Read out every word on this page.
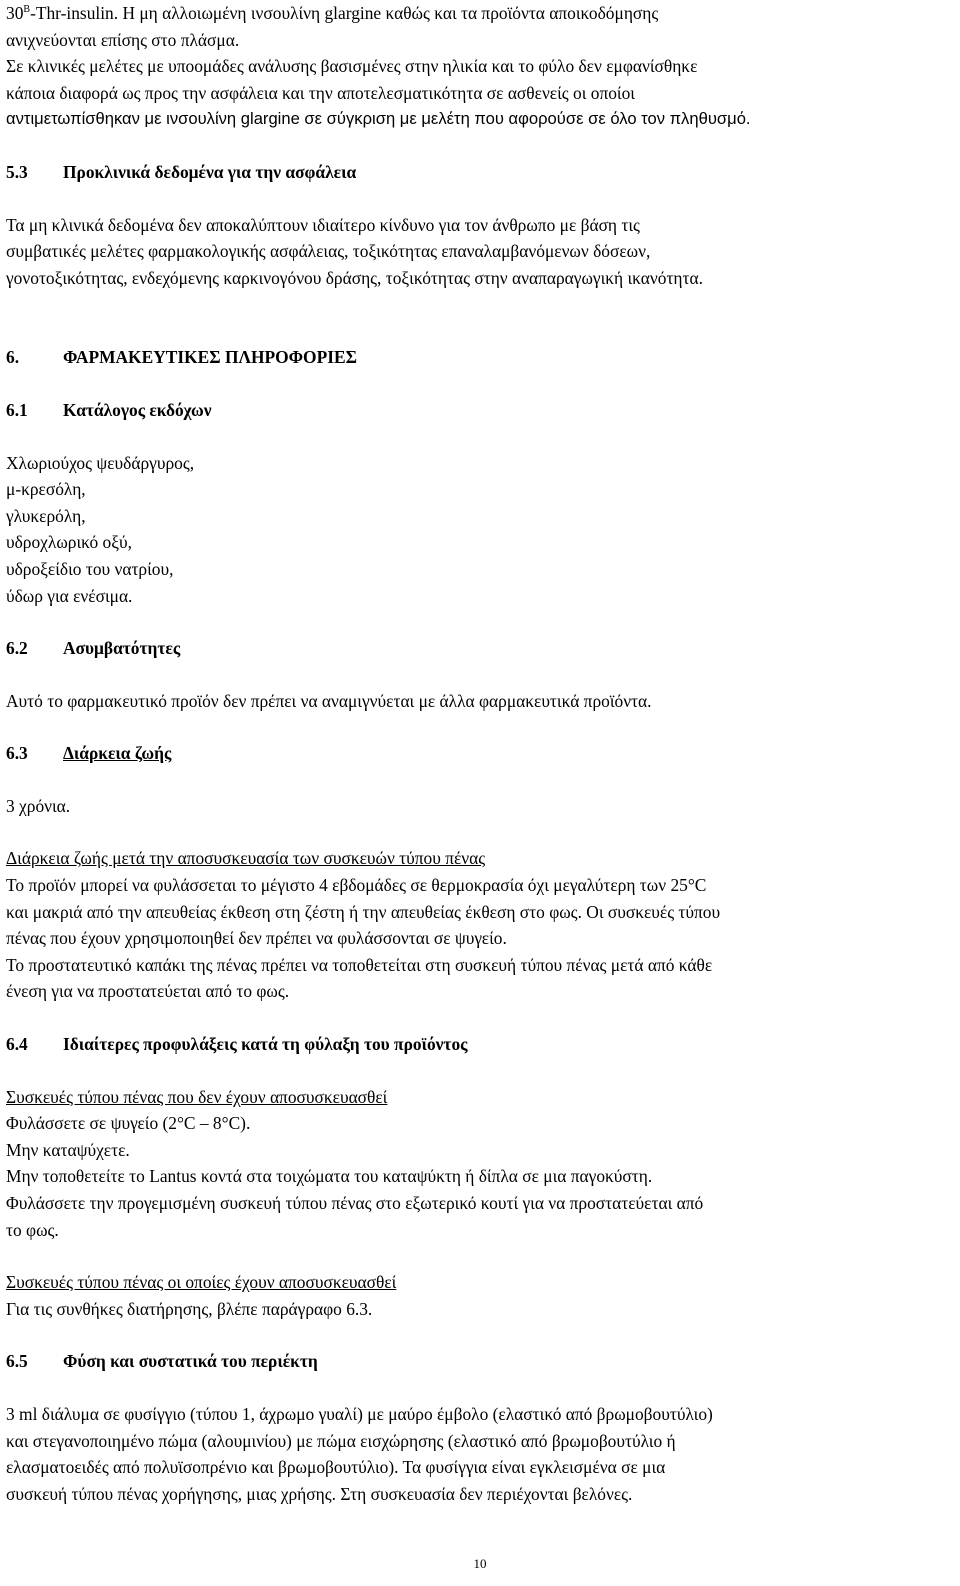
$30^B-Thr$-insulin. Η μη αλλοιωμένη ινσουλίνη glargine καθώς και τα προϊόντα αποικοδόμησης
ανιχνεύονται επίσης στο πλάσμα.
Σε κλινικές μελέτες με υποομάδες ανάλυσης βασισμένες στην ηλικία και το φύλο δεν εμφανίσθηκε
κάποια διαφορά ως προς την ασφάλεια και την αποτελεσματικότητα σε ασθενείς οι οποίοι
αντιμετωπίσθηκαν με ινσουλίνη glargine σε σύγκριση με μελέτη που αφορούσε σε όλο τον πληθυσμό.
5.3 Προκλινικά δεδομένα για την ασφάλεια
Τα μη κλινικά δεδομένα δεν αποκαλύπτουν ιδιαίτερο κίνδυνο για τον άνθρωπο με βάση τις
συμβατικές μελέτες φαρμακολογικής ασφάλειας, τοξικότητας επαναλαμβανόμενων δόσεων,
γονοτοξικότητας, ενδεχόμενης καρκινογόνου δράσης, τοξικότητας στην αναπαραγωγική ικανότητα.
6.	ΦΑΡΜΑΚΕΥΤΙΚΕΣ ΠΛΗΡΟΦΟΡΙΕΣ
6.1 Κατάλογος εκδόχων
Χλωριούχος ψευδάργυρος,
μ-κρεσόλη,
γλυκερόλη,
υδροχλωρικό οξύ,
υδροξείδιο του νατρίου,
ύδωρ για ενέσιμα.
6.2 Ασυμβατότητες
Αυτό το φαρμακευτικό προϊόν δεν πρέπει να αναμιγνύεται με άλλα φαρμακευτικά προϊόντα.
6.3 Διάρκεια ζωής
3 χρόνια.
Διάρκεια ζωής μετά την αποσυσκευασία των συσκευών τύπου πένας
Το προϊόν μπορεί να φυλάσσεται το μέγιστο 4 εβδομάδες σε θερμοκρασία όχι μεγαλύτερη των 25°C
και μακριά από την απευθείας έκθεση στη ζέστη ή την απευθείας έκθεση στο φως. Οι συσκευές τύπου
πένας που έχουν χρησιμοποιηθεί δεν πρέπει να φυλάσσονται σε ψυγείο.
Το προστατευτικό καπάκι της πένας πρέπει να τοποθετείται στη συσκευή τύπου πένας μετά από κάθε
ένεση για να προστατεύεται από το φως.
6.4 Ιδιαίτερες προφυλάξεις κατά τη φύλαξη του προϊόντος
Συσκευές τύπου πένας που δεν έχουν αποσυσκευασθεί
Φυλάσσετε σε ψυγείο (2°C – 8°C).
Μην καταψύχετε.
Μην τοποθετείτε το Lantus κοντά στα τοιχώματα του καταψύκτη ή δίπλα σε μια παγοκύστη.
Φυλάσσετε την προγεμισμένη συσκευή τύπου πένας στο εξωτερικό κουτί για να προστατεύεται από
το φως.
Συσκευές τύπου πένας οι οποίες έχουν αποσυσκευασθεί
Για τις συνθήκες διατήρησης, βλέπε παράγραφο 6.3.
6.5 Φύση και συστατικά του περιέκτη
3 ml διάλυμα σε φυσίγγιο (τύπου 1, άχρωμο γυαλί) με μαύρο έμβολο (ελαστικό από βρωμοβουτύλιο)
και στεγανοποιημένο πώμα (αλουμινίου) με πώμα εισχώρησης (ελαστικό από βρωμοβουτύλιο ή
ελασματοειδές από πολυϊσοπρένιο και βρωμοβουτύλιο). Τα φυσίγγια είναι εγκλεισμένα σε μια
συσκευή τύπου πένας χορήγησης, μιας χρήσης. Στη συσκευασία δεν περιέχονται βελόνες.
10
